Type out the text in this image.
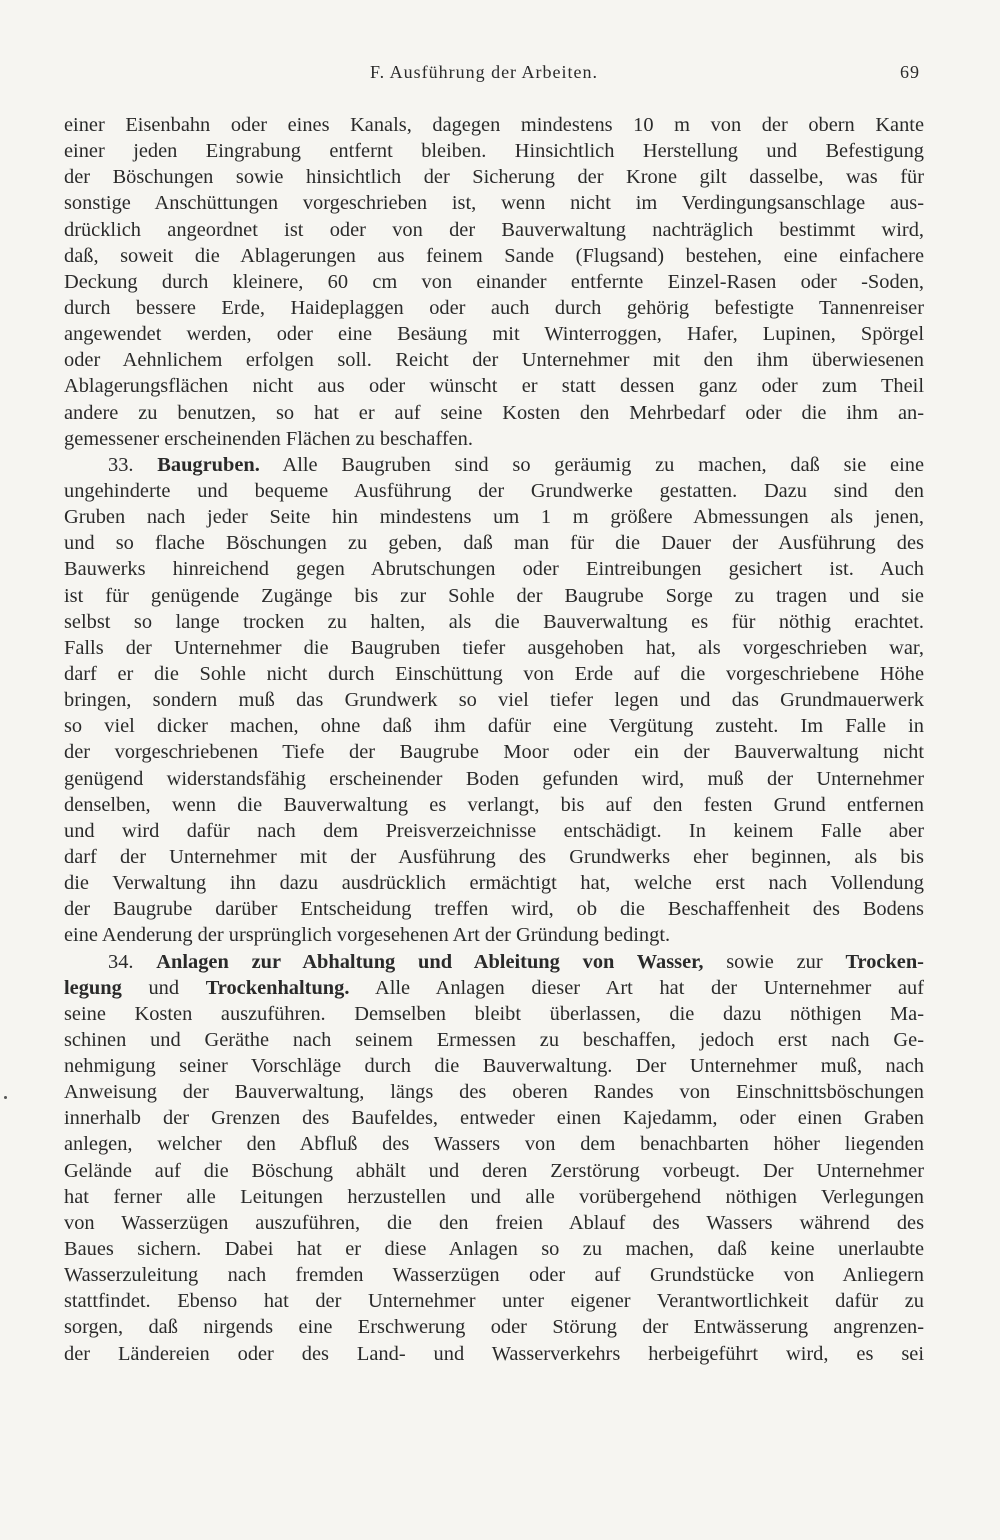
F. Ausführung der Arbeiten.	69
einer Eisenbahn oder eines Kanals, dagegen mindestens 10 m von der obern Kante
einer jeden Eingrabung entfernt bleiben. Hinsichtlich Herstellung und Befestigung
der Böschungen sowie hinsichtlich der Sicherung der Krone gilt dasselbe, was für
sonstige Anschüttungen vorgeschrieben ist, wenn nicht im Verdingungsanschlage aus-
drücklich angeordnet ist oder von der Bauverwaltung nachträglich bestimmt wird,
daß, soweit die Ablagerungen aus feinem Sande (Flugsand) bestehen, eine einfachere
Deckung durch kleinere, 60 cm von einander entfernte Einzel-Rasen oder -Soden,
durch bessere Erde, Haideplaggen oder auch durch gehörig befestigte Tannenreiser
angewendet werden, oder eine Besäung mit Winterroggen, Hafer, Lupinen, Spörgel
oder Aehnlichem erfolgen soll. Reicht der Unternehmer mit den ihm überwiesenen
Ablagerungsflächen nicht aus oder wünscht er statt dessen ganz oder zum Theil
andere zu benutzen, so hat er auf seine Kosten den Mehrbedarf oder die ihm an-
gemessener erscheinenden Flächen zu beschaffen.
33. Baugruben. Alle Baugruben sind so geräumig zu machen, daß sie eine
ungehinderte und bequeme Ausführung der Grundwerke gestatten. Dazu sind den
Gruben nach jeder Seite hin mindestens um 1 m größere Abmessungen als jenen,
und so flache Böschungen zu geben, daß man für die Dauer der Ausführung des
Bauwerks hinreichend gegen Abrutschungen oder Eintreibungen gesichert ist. Auch
ist für genügende Zugänge bis zur Sohle der Baugrube Sorge zu tragen und sie
selbst so lange trocken zu halten, als die Bauverwaltung es für nöthig erachtet.
Falls der Unternehmer die Baugruben tiefer ausgehoben hat, als vorgeschrieben war,
darf er die Sohle nicht durch Einschüttung von Erde auf die vorgeschriebene Höhe
bringen, sondern muß das Grundwerk so viel tiefer legen und das Grundmauerwerk
so viel dicker machen, ohne daß ihm dafür eine Vergütung zusteht. Im Falle in
der vorgeschriebenen Tiefe der Baugrube Moor oder ein der Bauverwaltung nicht
genügend widerstandsfähig erscheinender Boden gefunden wird, muß der Unternehmer
denselben, wenn die Bauverwaltung es verlangt, bis auf den festen Grund entfernen
und wird dafür nach dem Preisverzeichnisse entschädigt. In keinem Falle aber
darf der Unternehmer mit der Ausführung des Grundwerks eher beginnen, als bis
die Verwaltung ihn dazu ausdrücklich ermächtigt hat, welche erst nach Vollendung
der Baugrube darüber Entscheidung treffen wird, ob die Beschaffenheit des Bodens
eine Aenderung der ursprünglich vorgesehenen Art der Gründung bedingt.
34. Anlagen zur Abhaltung und Ableitung von Wasser, sowie zur Trocken-
legung und Trockenhaltung. Alle Anlagen dieser Art hat der Unternehmer auf
seine Kosten auszuführen. Demselben bleibt überlassen, die dazu nöthigen Ma-
schinen und Geräthe nach seinem Ermessen zu beschaffen, jedoch erst nach Ge-
nehmigung seiner Vorschläge durch die Bauverwaltung. Der Unternehmer muß, nach
Anweisung der Bauverwaltung, längs des oberen Randes von Einschnittsböschungen
innerhalb der Grenzen des Baufeldes, entweder einen Kajedamm, oder einen Graben
anlegen, welcher den Abfluß des Wassers von dem benachbarten höher liegenden
Gelände auf die Böschung abhält und deren Zerstörung vorbeugt. Der Unternehmer
hat ferner alle Leitungen herzustellen und alle vorübergehend nöthigen Verlegungen
von Wasserzügen auszuführen, die den freien Ablauf des Wassers während des
Baues sichern. Dabei hat er diese Anlagen so zu machen, daß keine unerlaubte
Wasserzuleitung nach fremden Wasserzügen oder auf Grundstücke von Anliegern
stattfindet. Ebenso hat der Unternehmer unter eigener Verantwortlichkeit dafür zu
sorgen, daß nirgends eine Erschwerung oder Störung der Entwässerung angrenzen-
der Ländereien oder des Land- und Wasserverkehrs herbeigeführt wird, es sei
